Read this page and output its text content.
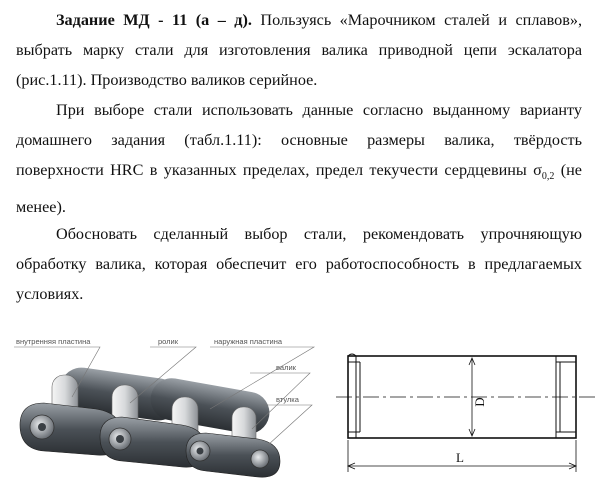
Задание МД - 11 (а – д). Пользуясь «Марочником сталей и сплавов», выбрать марку стали для изготовления валика приводной цепи эскалатора (рис.1.11). Производство валиков серийное.
При выборе стали использовать данные согласно выданному варианту домашнего задания (табл.1.11): основные размеры валика, твёрдость поверхности HRC в указанных пределах, предел текучести сердцевины $\sigma_{0,2}$ (не менее).
Обосновать сделанный выбор стали, рекомендовать упрочняющую обработку валика, которая обеспечит его работоспособность в предлагаемых условиях.
внутренняя пластина	ролик	наружная пластина
валик
втулка	D
L
